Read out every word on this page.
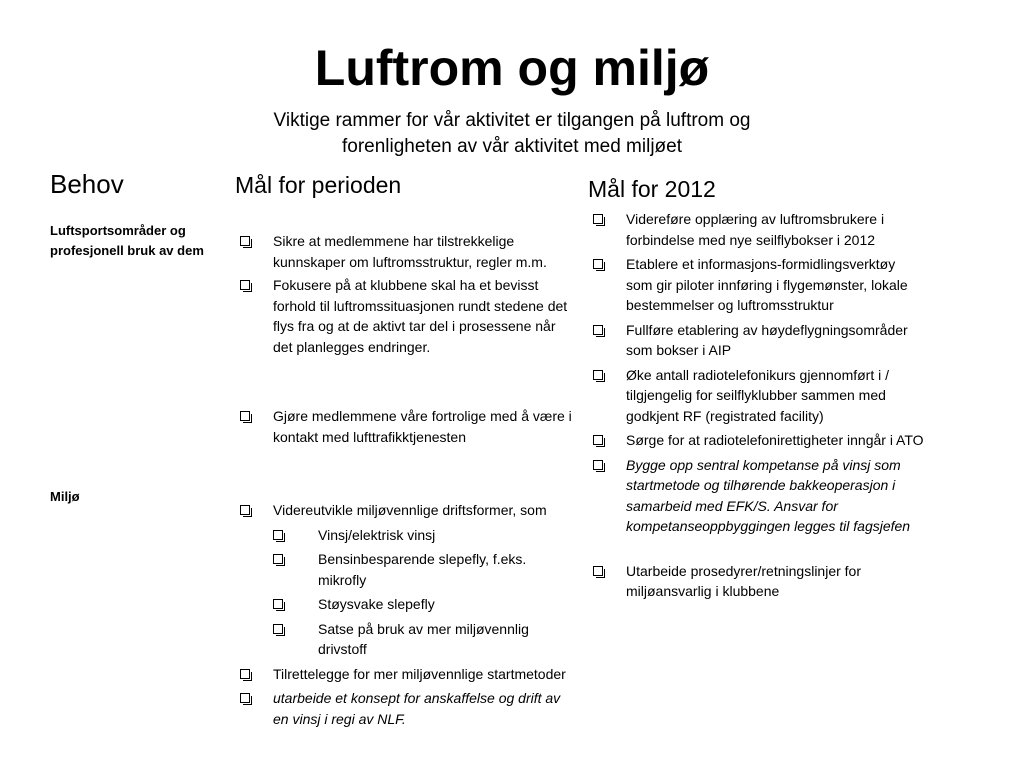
Luftrom og miljø

Viktige rammer for vår aktivitet er tilgangen på luftrom og forenligheten av vår aktivitet med miljøet

Behov

Luftsportsområder og profesjonell bruk av dem

Miljø

Mål for perioden
Sikre at medlemmene har tilstrekkelige kunnskaper om luftromsstruktur, regler m.m.
Fokusere på at klubbene skal ha et bevisst forhold til luftromssituasjonen rundt stedene det flys fra og at de aktivt tar del i prosessene når det planlegges endringer.
Gjøre medlemmene våre fortrolige med å være i kontakt med lufttrafikktjenesten
Videreutvikle miljøvennlige driftsformer, som
Vinsj/elektrisk vinsj
Bensinbesparende slepefly, f.eks. mikrofly
Støysvake slepefly
Satse på bruk av mer miljøvennlig drivstoff
Tilrettelegge for mer miljøvennlige startmetoder
utarbeide et konsept for anskaffelse og drift av en vinsj i regi av NLF.
Mål for 2012
Videreføre opplæring av luftromsbrukere i forbindelse med nye seilflybokser i 2012
Etablere et informasjons-formidlingsverktøy som gir piloter innføring i flygemønster, lokale bestemmelser og luftromsstruktur
Fullføre etablering av høydeflygningsområder som bokser i AIP
Øke antall radiotelefonikurs gjennomført i / tilgjengelig for seilflyklubber sammen med godkjent RF (registrated facility)
Sørge for at radiotelefonirettigheter inngår i ATO
Bygge opp sentral kompetanse på vinsj som startmetode og tilhørende bakkeoperasjon i samarbeid med EFK/S. Ansvar for kompetanseoppbyggingen legges til fagsjefen
Utarbeide prosedyrer/retningslinjer for miljøansvarlig i klubbene
